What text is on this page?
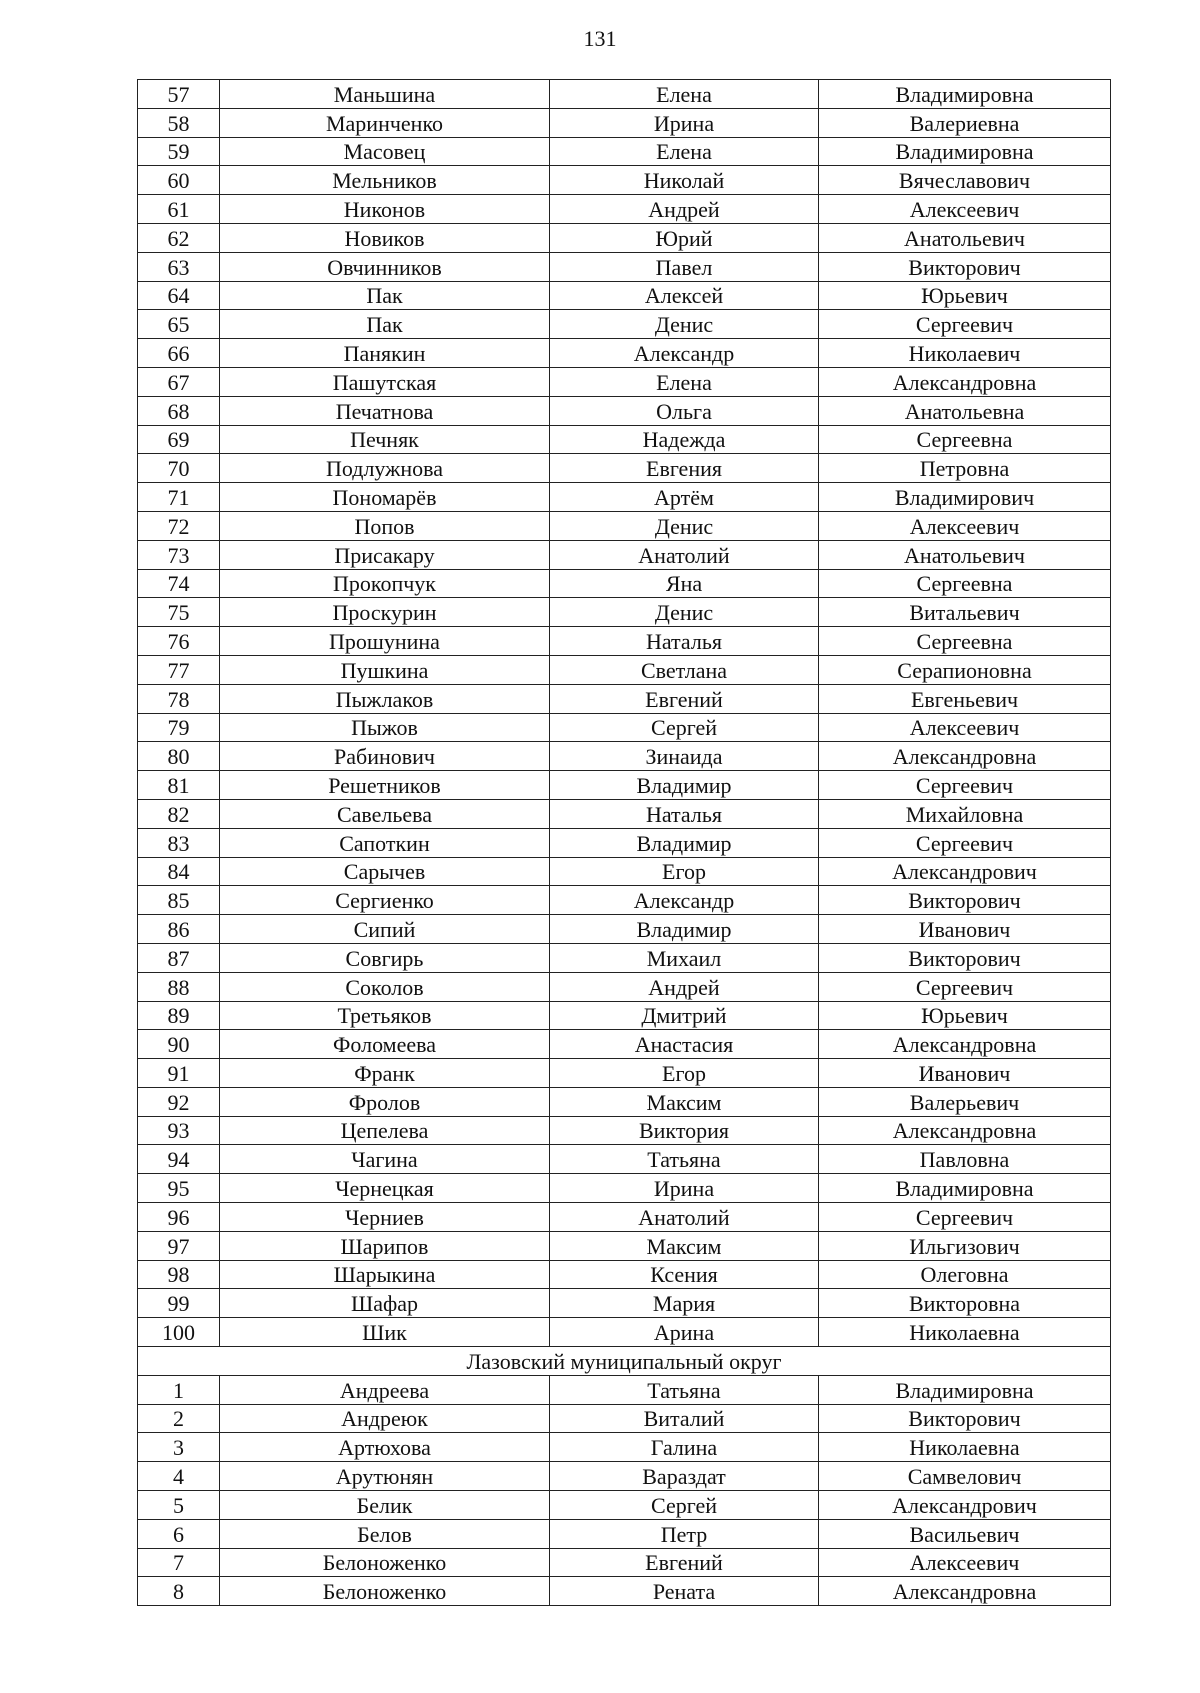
131
57	Маньшина	Елена	Владимировна
58	Маринченко	Ирина	Валериевна
59	Масовец	Елена	Владимировна
60	Мельников	Николай	Вячеславович
61	Никонов	Андрей	Алексеевич
62	Новиков	Юрий	Анатольевич
63	Овчинников	Павел	Викторович
64	Пак	Алексей	Юрьевич
65	Пак	Денис	Сергеевич
66	Панякин	Александр	Николаевич
67	Пашутская	Елена	Александровна
68	Печатнова	Ольга	Анатольевна
69	Печняк	Надежда	Сергеевна
70	Подлужнова	Евгения	Петровна
71	Пономарёв	Артём	Владимирович
72	Попов	Денис	Алексеевич
73	Присакару	Анатолий	Анатольевич
74	Прокопчук	Яна	Сергеевна
75	Проскурин	Денис	Витальевич
76	Прошунина	Наталья	Сергеевна
77	Пушкина	Светлана	Серапионовна
78	Пыжлаков	Евгений	Евгеньевич
79	Пыжов	Сергей	Алексеевич
80	Рабинович	Зинаида	Александровна
81	Решетников	Владимир	Сергеевич
82	Савельева	Наталья	Михайловна
83	Сапоткин	Владимир	Сергеевич
84	Сарычев	Егор	Александрович
85	Сергиенко	Александр	Викторович
86	Сипий	Владимир	Иванович
87	Совгирь	Михаил	Викторович
88	Соколов	Андрей	Сергеевич
89	Третьяков	Дмитрий	Юрьевич
90	Фоломеева	Анастасия	Александровна
91	Франк	Егор	Иванович
92	Фролов	Максим	Валерьевич
93	Цепелева	Виктория	Александровна
94	Чагина	Татьяна	Павловна
95	Чернецкая	Ирина	Владимировна
96	Черниев	Анатолий	Сергеевич
97	Шарипов	Максим	Ильгизович
98	Шарыкина	Ксения	Олеговна
99	Шафар	Мария	Викторовна
100	Шик	Арина	Николаевна
Лазовский муниципальный округ			
1	Андреева	Татьяна	Владимировна
2	Андреюк	Виталий	Викторович
3	Артюхова	Галина	Николаевна
4	Арутюнян	Вараздат	Самвелович
5	Белик	Сергей	Александрович
6	Белов	Петр	Васильевич
7	Белоноженко	Евгений	Алексеевич
8	Белоноженко	Рената	Александровна
